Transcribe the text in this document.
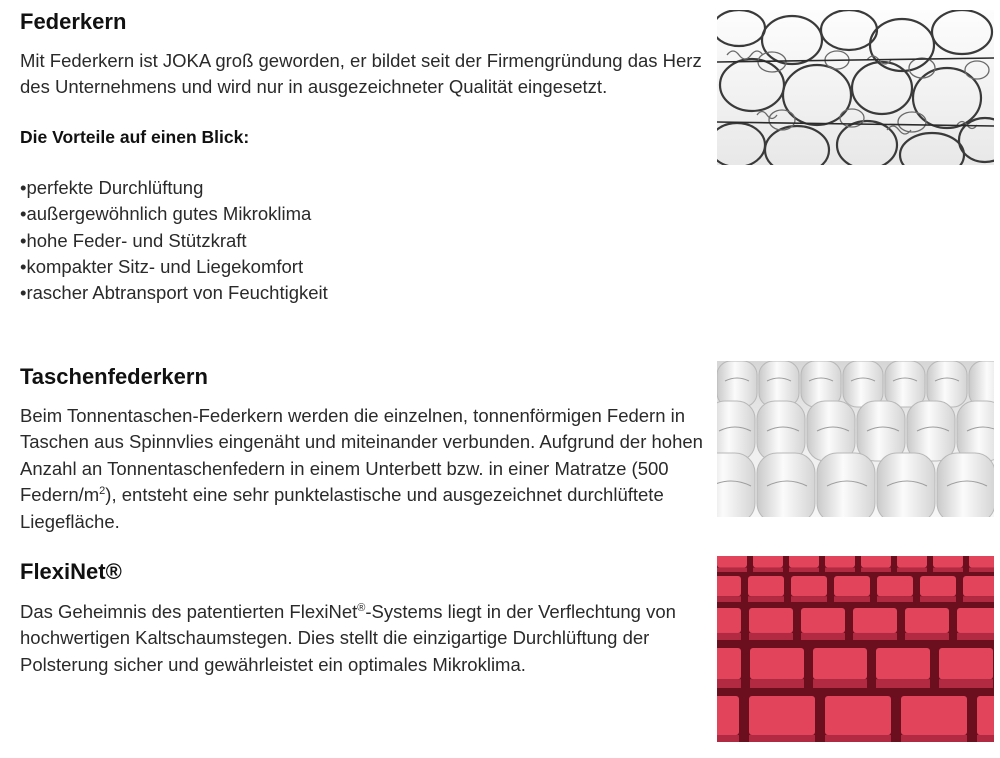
Federkern

Mit Federkern ist JOKA groß geworden, er bildet seit der Firmengründung das Herz des Unternehmens und wird nur in ausgezeichneter Qualität eingesetzt.

Die Vorteile auf einen Blick:

• perfekte Durchlüftung
• außergewöhnlich gutes Mikroklima
• hohe Feder- und Stützkraft
• kompakter Sitz- und Liegekomfort
• rascher Abtransport von Feuchtigkeit
Taschenfederkern

Beim Tonnentaschen-Federkern werden die einzelnen, tonnenförmigen Federn in Taschen aus Spinnvlies eingenäht und miteinander verbunden. Aufgrund der hohen Anzahl an Tonnentaschenfedern in einem Unterbett bzw. in einer Matratze (500 Federn/$m^2$), entsteht eine sehr punktelastische und ausgezeichnet durchlüftete Liegefläche.

FlexiNet®

Das Geheimnis des patentierten FlexiNet®-Systems liegt in der Verflechtung von hochwertigen Kaltschaumstegen. Dies stellt die einzigartige Durchlüftung der Polsterung sicher und gewährleistet ein optimales Mikroklima.
